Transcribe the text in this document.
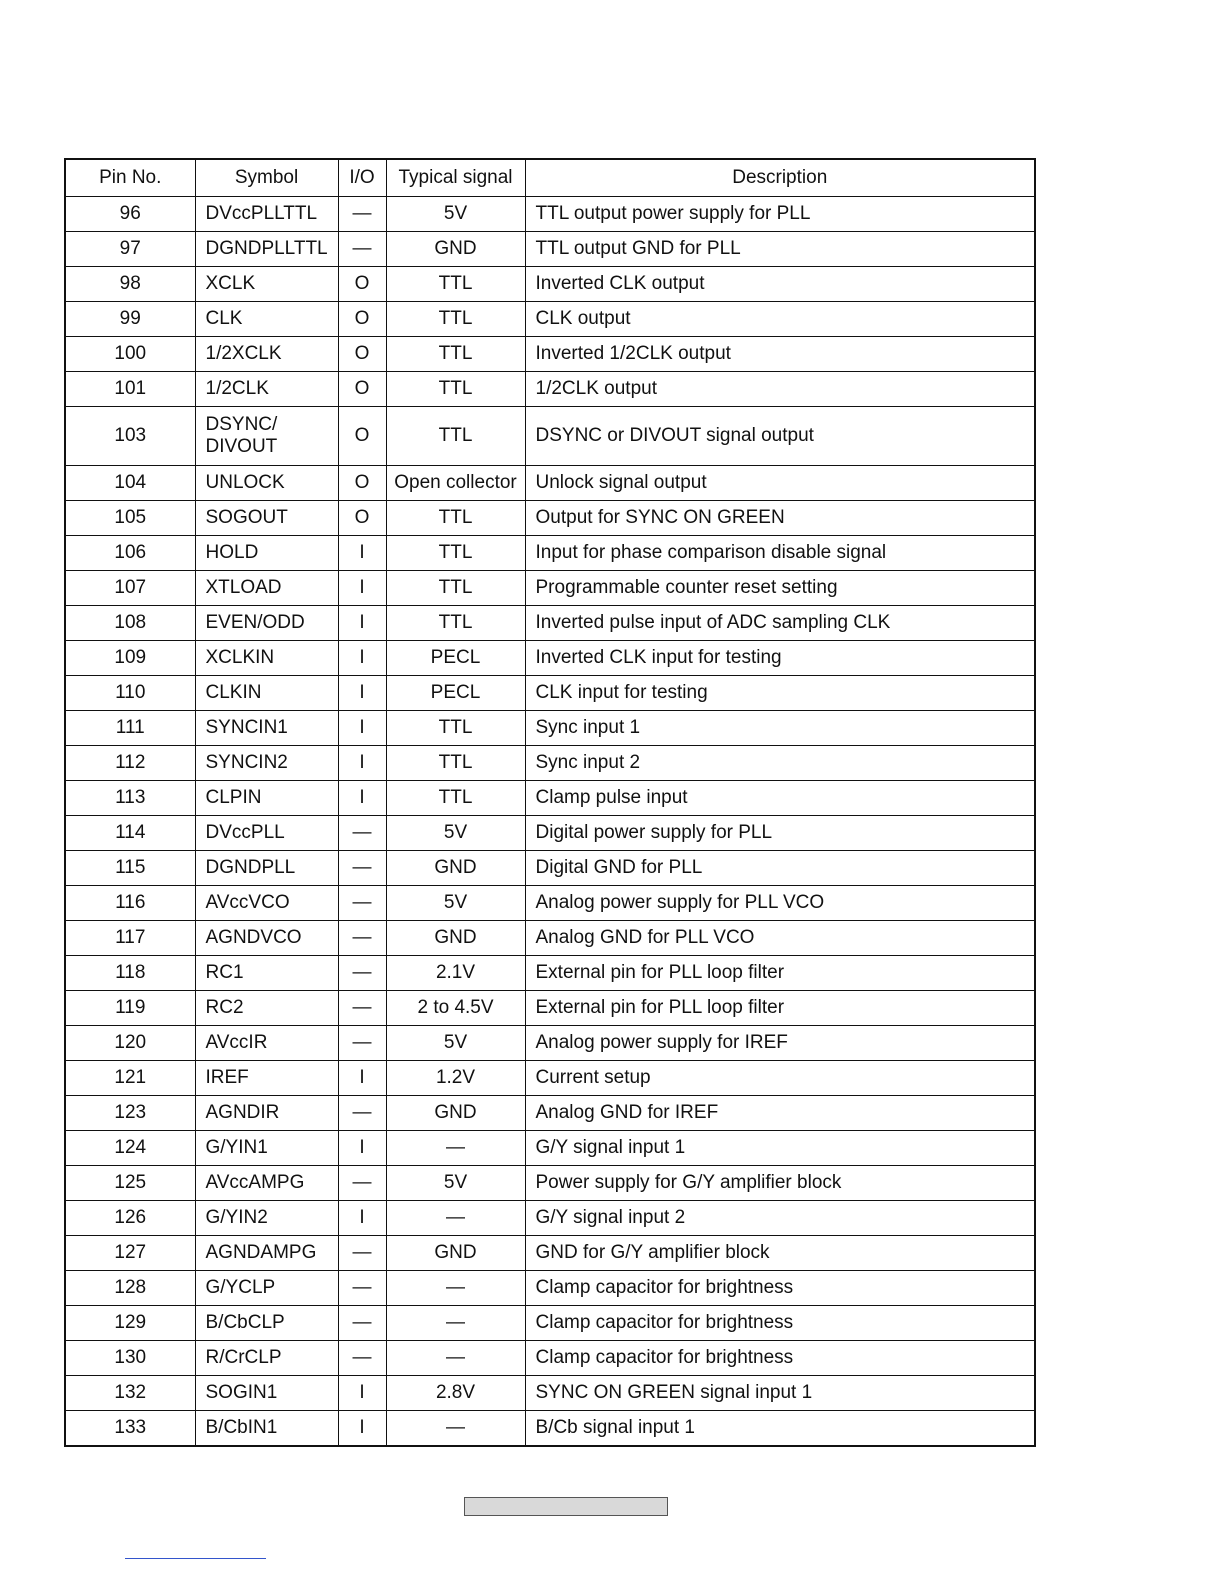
Pin No.	Symbol	I/O	Typical signal	Description
96	DVccPLLTTL	—	5V	TTL output power supply for PLL
97	DGNDPLLTTL	—	GND	TTL output GND for PLL
98	XCLK	O	TTL	Inverted CLK output
99	CLK	O	TTL	CLK output
100	1/2XCLK	O	TTL	Inverted 1/2CLK output
101	1/2CLK	O	TTL	1/2CLK output
103	DSYNC/ DIVOUT	O	TTL	DSYNC or DIVOUT signal output
104	UNLOCK	O	Open collector	Unlock signal output
105	SOGOUT	O	TTL	Output for SYNC ON GREEN
106	HOLD	I	TTL	Input for phase comparison disable signal
107	XTLOAD	I	TTL	Programmable counter reset setting
108	EVEN/ODD	I	TTL	Inverted pulse input of ADC sampling CLK
109	XCLKIN	I	PECL	Inverted CLK input for testing
110	CLKIN	I	PECL	CLK input for testing
111	SYNCIN1	I	TTL	Sync input 1
112	SYNCIN2	I	TTL	Sync input 2
113	CLPIN	I	TTL	Clamp pulse input
114	DVccPLL	—	5V	Digital power supply for PLL
115	DGNDPLL	—	GND	Digital GND for PLL
116	AVccVCO	—	5V	Analog power supply for PLL VCO
117	AGNDVCO	—	GND	Analog GND for PLL VCO
118	RC1	—	2.1V	External pin for PLL loop filter
119	RC2	—	2 to 4.5V	External pin for PLL loop filter
120	AVccIR	—	5V	Analog power supply for IREF
121	IREF	I	1.2V	Current setup
123	AGNDIR	—	GND	Analog GND for IREF
124	G/YIN1	I	—	G/Y signal input 1
125	AVccAMPG	—	5V	Power supply for G/Y amplifier block
126	G/YIN2	I	—	G/Y signal input 2
127	AGNDAMPG	—	GND	GND for G/Y amplifier block
128	G/YCLP	—	—	Clamp capacitor for brightness
129	B/CbCLP	—	—	Clamp capacitor for brightness
130	R/CrCLP	—	—	Clamp capacitor for brightness
132	SOGIN1	I	2.8V	SYNC ON GREEN signal input 1
133	B/CbIN1	I	—	B/Cb signal input 1
